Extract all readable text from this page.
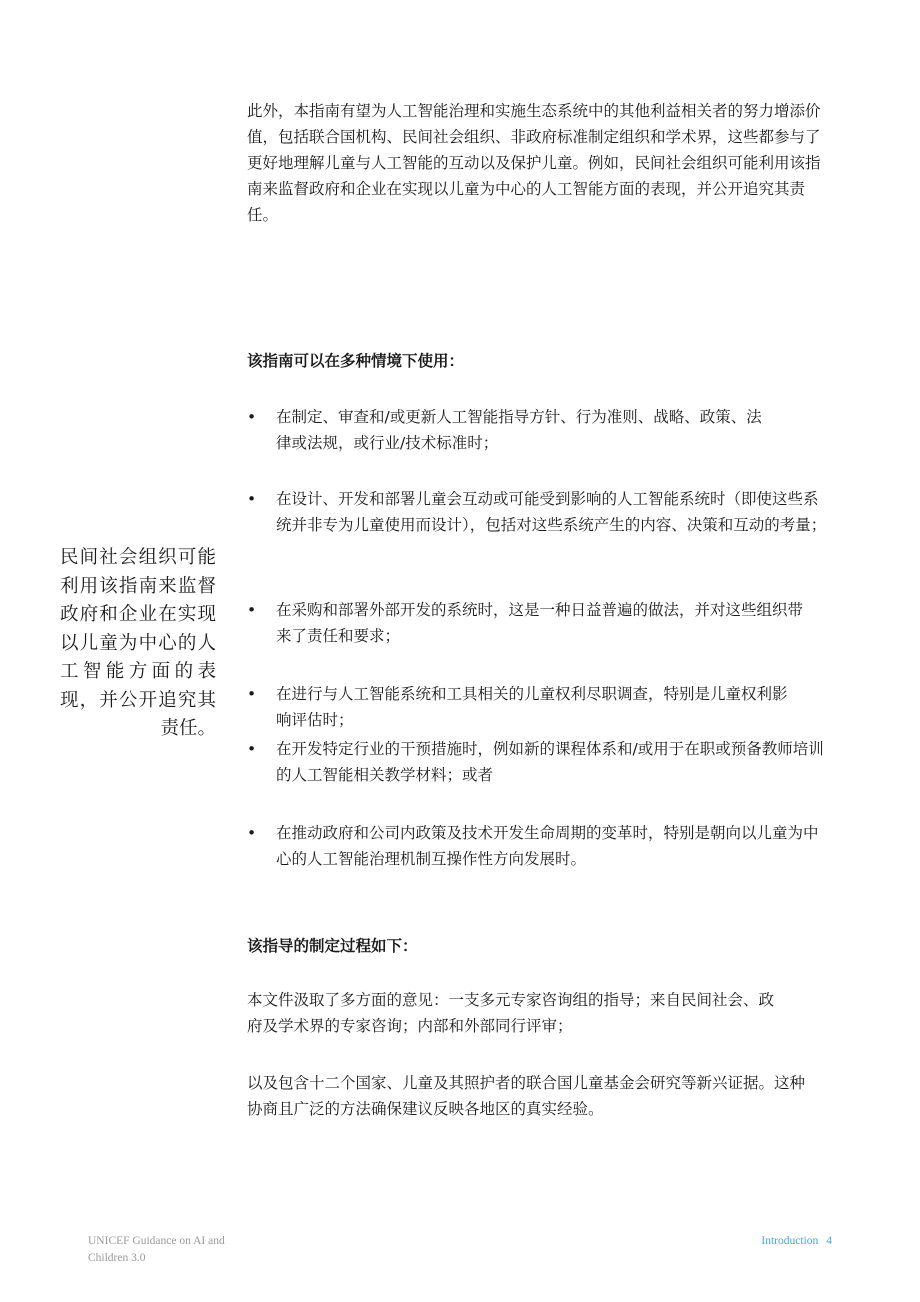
此外，本指南有望为人工智能治理和实施生态系统中的其他利益相关者的努力增添价值，包括联合国机构、民间社会组织、非政府标准制定组织和学术界，这些都参与了更好地理解儿童与人工智能的互动以及保护儿童。例如，民间社会组织可能利用该指南来监督政府和企业在实现以儿童为中心的人工智能方面的表现，并公开追究其责任。

该指南可以在多种情境下使用：
•	在制定、审查和/或更新人工智能指导方针、行为准则、战略、政策、法律或法规，或行业/技术标准时；
•	在设计、开发和部署儿童会互动或可能受到影响的人工智能系统时（即使这些系统并非专为儿童使用而设计），包括对这些系统产生的内容、决策和互动的考量；
•	在采购和部署外部开发的系统时，这是一种日益普遍的做法，并对这些组织带来了责任和要求；
•	在进行与人工智能系统和工具相关的儿童权利尽职调查，特别是儿童权利影响评估时；
•	在开发特定行业的干预措施时，例如新的课程体系和/或用于在职或预备教师培训的人工智能相关教学材料；或者
•	在推动政府和公司内政策及技术开发生命周期的变革时，特别是朝向以儿童为中心的人工智能治理机制互操作性方向发展时。
该指导的制定过程如下：

本文件汲取了多方面的意见：一支多元专家咨询组的指导；来自民间社会、政府及学术界的专家咨询；内部和外部同行评审；

以及包含十二个国家、儿童及其照护者的联合国儿童基金会研究等新兴证据。这种协商且广泛的方法确保建议反映各地区的真实经验。

民间社会组织可能利用该指南来监督政府和企业在实现以儿童为中心的人工智能方面的表现，并公开追究其责任。
UNICEF Guidance on AI and Children 3.0
Introduction 4
